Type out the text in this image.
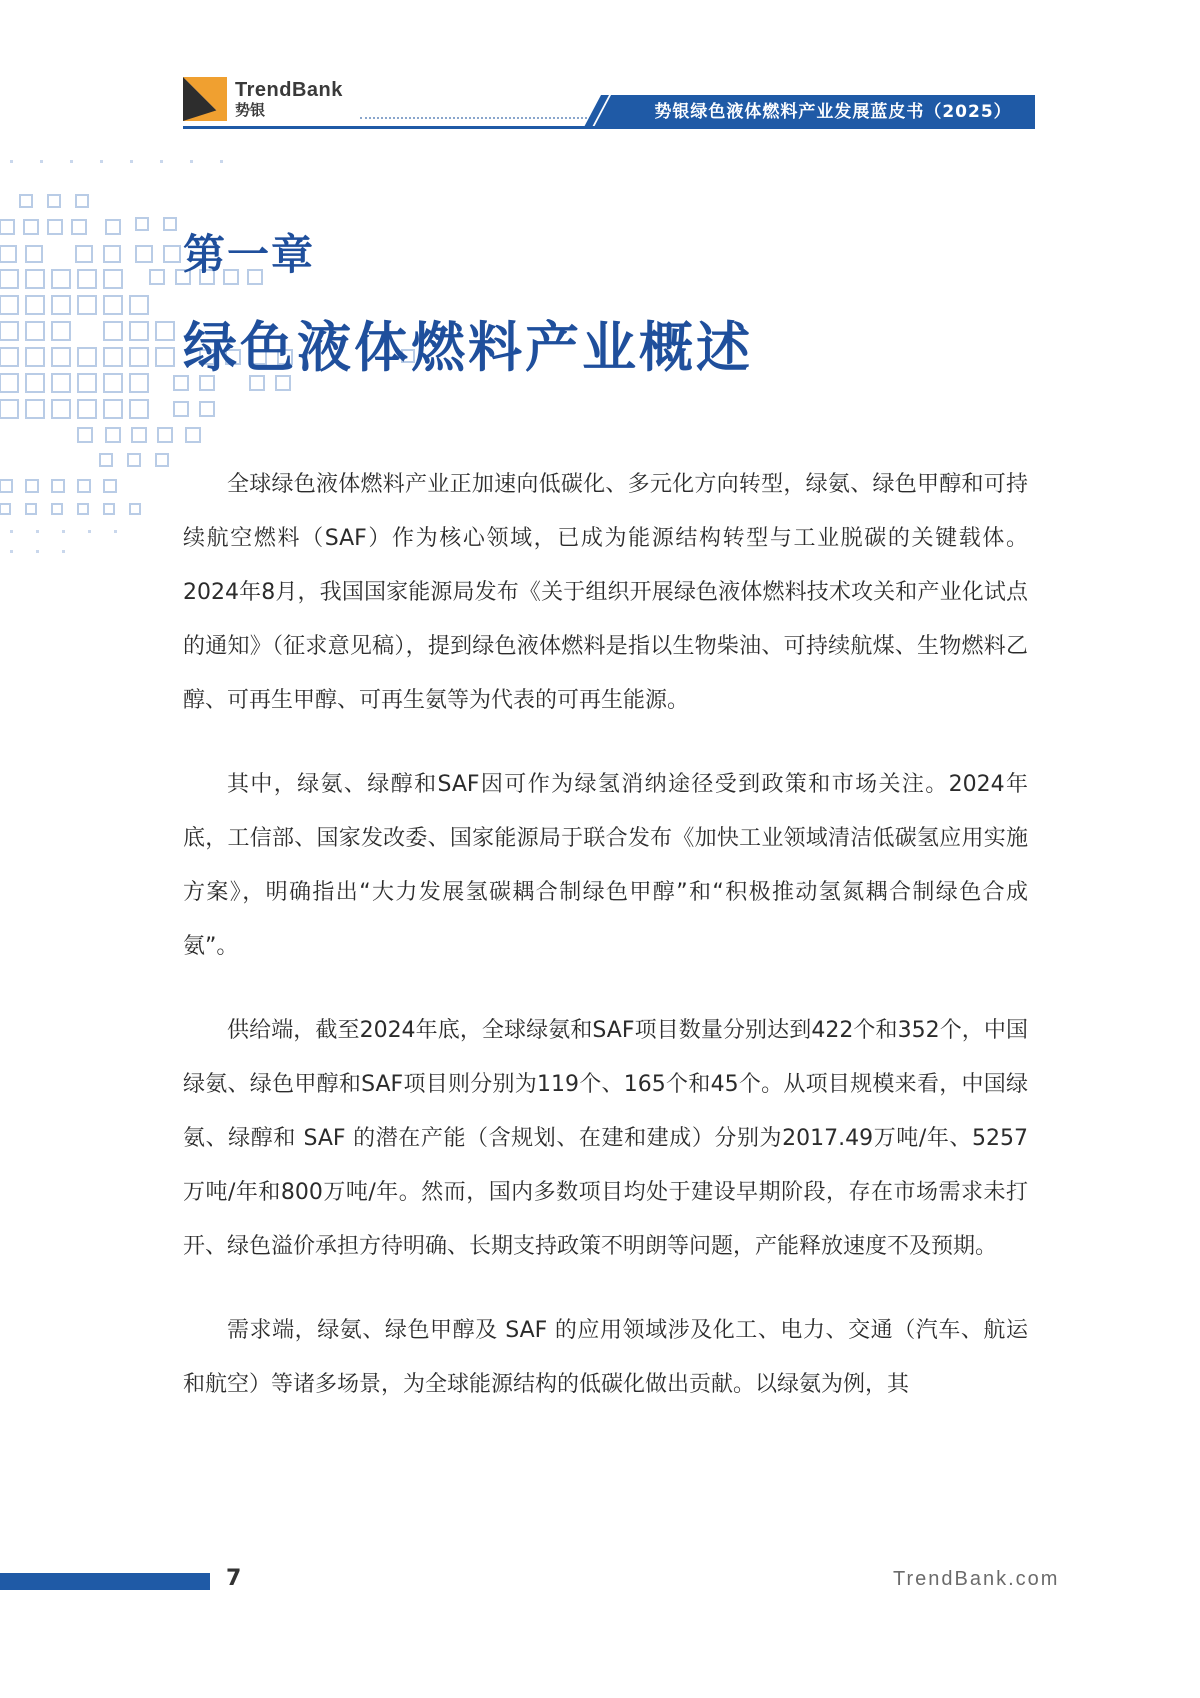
TrendBank
势银	势银绿色液体燃料产业发展蓝皮书（2025）
第一章
绿色液体燃料产业概述

全球绿色液体燃料产业正加速向低碳化、多元化方向转型，绿氨、绿色甲醇和可持续航空燃料（SAF）作为核心领域，已成为能源结构转型与工业脱碳的关键载体。2024年8月，我国国家能源局发布《关于组织开展绿色液体燃料技术攻关和产业化试点的通知》（征求意见稿），提到绿色液体燃料是指以生物柴油、可持续航煤、生物燃料乙醇、可再生甲醇、可再生氨等为代表的可再生能源。

其中，绿氨、绿醇和SAF因可作为绿氢消纳途径受到政策和市场关注。2024年底，工信部、国家发改委、国家能源局于联合发布《加快工业领域清洁低碳氢应用实施方案》，明确指出“大力发展氢碳耦合制绿色甲醇”和“积极推动氢氮耦合制绿色合成氨”。

供给端，截至2024年底，全球绿氨和SAF项目数量分别达到422个和352个，中国绿氨、绿色甲醇和SAF项目则分别为119个、165个和45个。从项目规模来看，中国绿氨、绿醇和 SAF 的潜在产能（含规划、在建和建成）分别为2017.49万吨/年、5257万吨/年和800万吨/年。然而，国内多数项目均处于建设早期阶段，存在市场需求未打开、绿色溢价承担方待明确、长期支持政策不明朗等问题，产能释放速度不及预期。

需求端，绿氨、绿色甲醇及 SAF 的应用领域涉及化工、电力、交通（汽车、航运和航空）等诸多场景，为全球能源结构的低碳化做出贡献。以绿氨为例，其

7	TrendBank.com
